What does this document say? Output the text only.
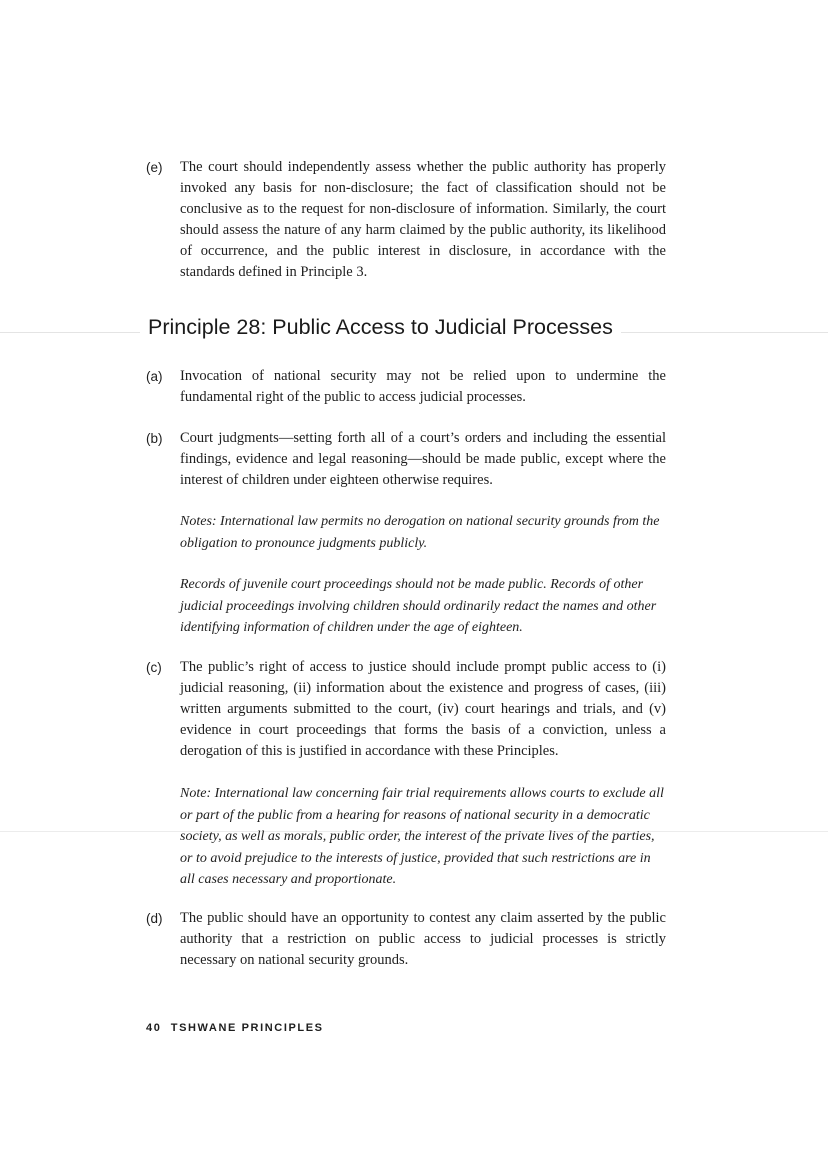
(e) The court should independently assess whether the public authority has properly invoked any basis for non-disclosure; the fact of classification should not be conclusive as to the request for non-disclosure of information. Similarly, the court should assess the nature of any harm claimed by the public authority, its likelihood of occurrence, and the public interest in disclosure, in accordance with the standards defined in Principle 3.
Principle 28: Public Access to Judicial Processes
(a) Invocation of national security may not be relied upon to undermine the fundamental right of the public to access judicial processes.
(b) Court judgments—setting forth all of a court’s orders and including the essential findings, evidence and legal reasoning—should be made public, except where the interest of children under eighteen otherwise requires.
Notes: International law permits no derogation on national security grounds from the obligation to pronounce judgments publicly.
Records of juvenile court proceedings should not be made public. Records of other judicial proceedings involving children should ordinarily redact the names and other identifying information of children under the age of eighteen.
(c) The public’s right of access to justice should include prompt public access to (i) judicial reasoning, (ii) information about the existence and progress of cases, (iii) written arguments submitted to the court, (iv) court hearings and trials, and (v) evidence in court proceedings that forms the basis of a conviction, unless a derogation of this is justified in accordance with these Principles.
Note: International law concerning fair trial requirements allows courts to exclude all or part of the public from a hearing for reasons of national security in a democratic society, as well as morals, public order, the interest of the private lives of the parties, or to avoid prejudice to the interests of justice, provided that such restrictions are in all cases necessary and proportionate.
(d) The public should have an opportunity to contest any claim asserted by the public authority that a restriction on public access to judicial processes is strictly necessary on national security grounds.
40 TSHWANE PRINCIPLES
